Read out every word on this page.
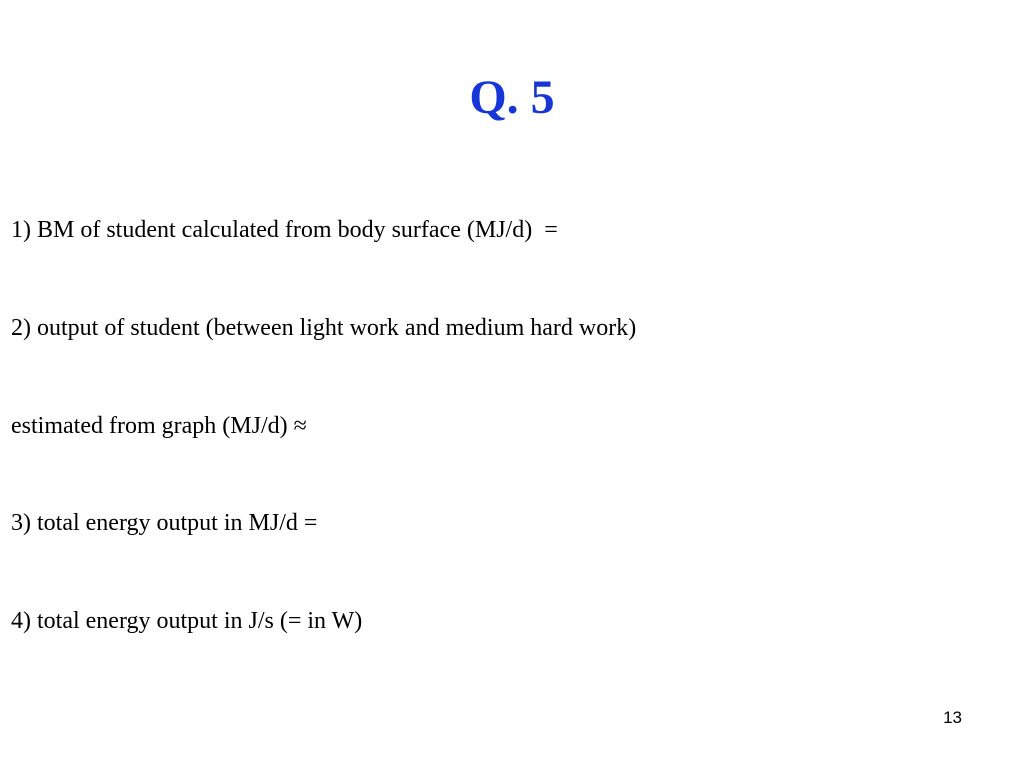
Q. 5
1) BM of student calculated from body surface (MJ/d)  =
2) output of student (between light work and medium hard work)
estimated from graph (MJ/d) ≈
3) total energy output in MJ/d =
4) total energy output in J/s (= in W)
13
